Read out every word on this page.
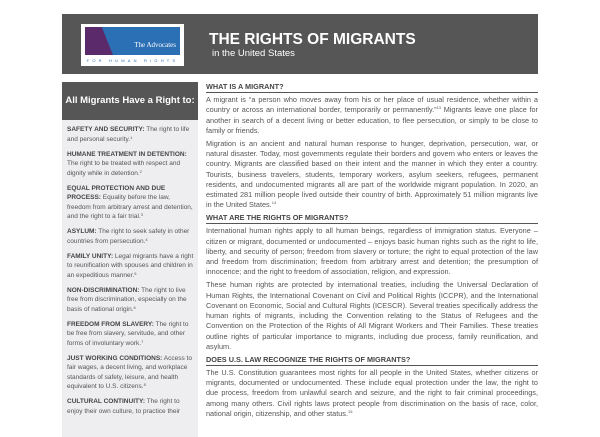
The Advocates
FOR HUMAN RIGHTS
THE RIGHTS OF MIGRANTS
in the United States
All Migrants Have a Right to:
SAFETY AND SECURITY: The right to life and personal security.$^1$
HUMANE TREATMENT IN DETENTION: The right to be treated with respect and dignity while in detention.$^2$
EQUAL PROTECTION AND DUE PROCESS: Equality before the law, freedom from arbitrary arrest and detention, and the right to a fair trial.$^3$
ASYLUM: The right to seek safety in other countries from persecution.$^4$
FAMILY UNITY: Legal migrants have a right to reunification with spouses and children in an expeditious manner.$^5$
NON-DISCRIMINATION: The right to live free from discrimination, especially on the basis of national origin.$^6$
FREEDOM FROM SLAVERY: The right to be free from slavery, servitude, and other forms of involuntary work.$^7$
JUST WORKING CONDITIONS: Access to fair wages, a decent living, and workplace standards of safety, leisure, and health equivalent to U.S. citizens.$^8$
CULTURAL CONTINUITY: The right to enjoy their own culture, to practice their
WHAT IS A MIGRANT?

A migrant is “a person who moves away from his or her place of usual residence, whether within a country or across an international border, temporarily or permanently.”$^{13}$ Migrants leave one place for another in search of a decent living or better education, to flee persecution, or simply to be close to family or friends.

Migration is an ancient and natural human response to hunger, deprivation, persecution, war, or natural disaster. Today, most governments regulate their borders and govern who enters or leaves the country. Migrants are classified based on their intent and the manner in which they enter a country. Tourists, business travelers, students, temporary workers, asylum seekers, refugees, permanent residents, and undocumented migrants all are part of the worldwide migrant population. In 2020, an estimated 281 million people lived outside their country of birth. Approximately 51 million migrants live in the United States.$^{14}$

WHAT ARE THE RIGHTS OF MIGRANTS?

International human rights apply to all human beings, regardless of immigration status. Everyone – citizen or migrant, documented or undocumented – enjoys basic human rights such as the right to life, liberty, and security of person; freedom from slavery or torture; the right to equal protection of the law and freedom from discrimination; freedom from arbitrary arrest and detention; the presumption of innocence; and the right to freedom of association, religion, and expression.

These human rights are protected by international treaties, including the Universal Declaration of Human Rights, the International Covenant on Civil and Political Rights (ICCPR), and the International Covenant on Economic, Social and Cultural Rights (ICESCR). Several treaties specifically address the human rights of migrants, including the Convention relating to the Status of Refugees and the Convention on the Protection of the Rights of All Migrant Workers and Their Families. These treaties outline rights of particular importance to migrants, including due process, family reunification, and asylum.

DOES U.S. LAW RECOGNIZE THE RIGHTS OF MIGRANTS?

The U.S. Constitution guarantees most rights for all people in the United States, whether citizens or migrants, documented or undocumented. These include equal protection under the law, the right to due process, freedom from unlawful search and seizure, and the right to fair criminal proceedings, among many others. Civil rights laws protect people from discrimination on the basis of race, color, national origin, citizenship, and other status.$^{15}$
